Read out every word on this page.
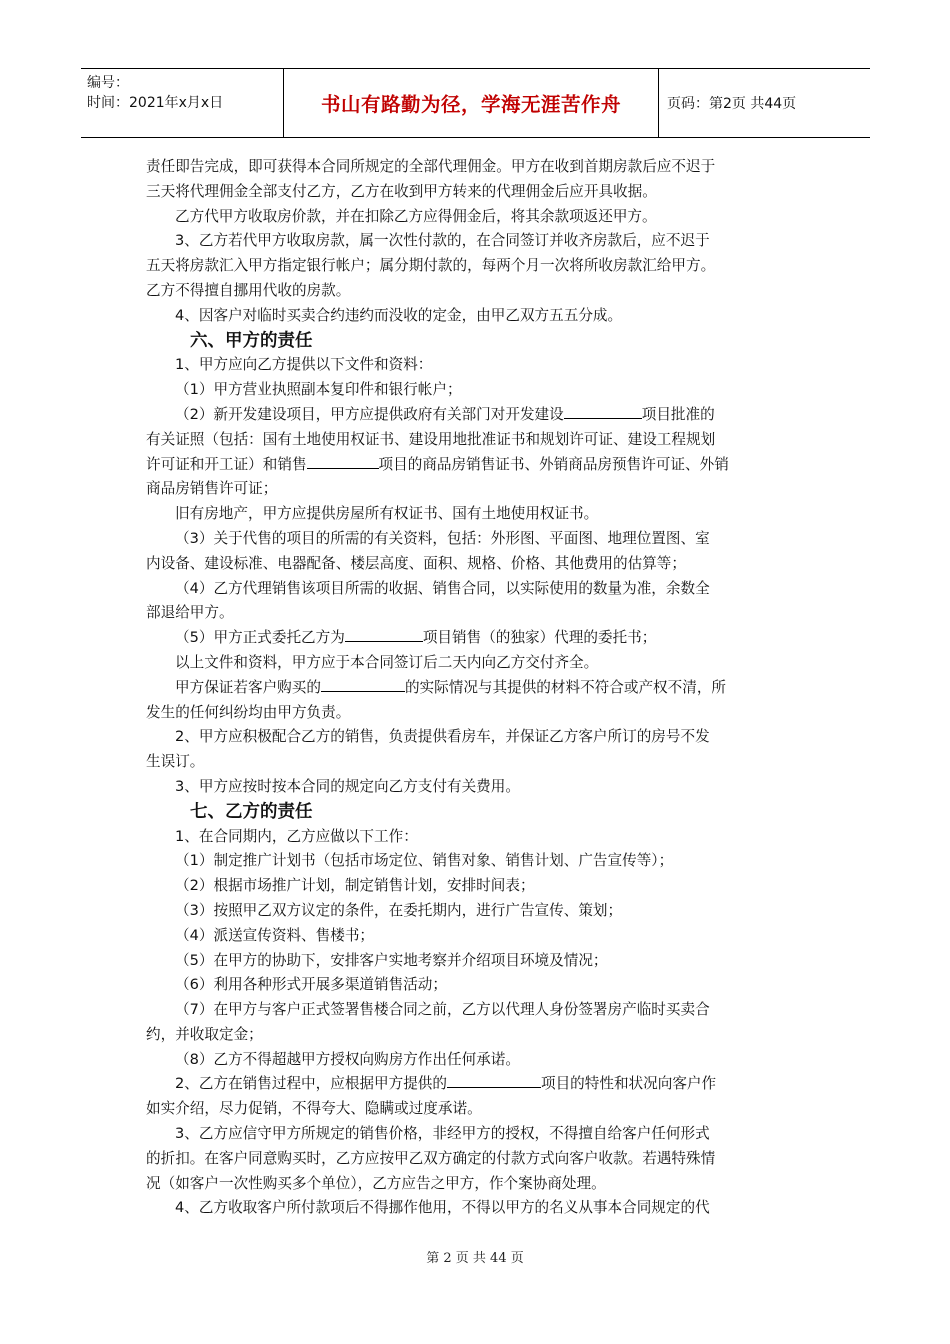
编号：
时间：2021年x月x日	书山有路勤为径，学海无涯苦作舟	页码：第2页 共44页

责任即告完成，即可获得本合同所规定的全部代理佣金。甲方在收到首期房款后应不迟于

三天将代理佣金全部支付乙方，乙方在收到甲方转来的代理佣金后应开具收据。

乙方代甲方收取房价款，并在扣除乙方应得佣金后，将其余款项返还甲方。

3、乙方若代甲方收取房款，属一次性付款的，在合同签订并收齐房款后，应不迟于

五天将房款汇入甲方指定银行帐户；属分期付款的，每两个月一次将所收房款汇给甲方。

乙方不得擅自挪用代收的房款。

4、因客户对临时买卖合约违约而没收的定金，由甲乙双方五五分成。

六、甲方的责任

1、甲方应向乙方提供以下文件和资料：

（1）甲方营业执照副本复印件和银行帐户；

（2）新开发建设项目，甲方应提供政府有关部门对开发建设	项目批准的

有关证照（包括：国有土地使用权证书、建设用地批准证书和规划许可证、建设工程规划

许可证和开工证）和销售	项目的商品房销售证书、外销商品房预售许可证、外销

商品房销售许可证；

旧有房地产，甲方应提供房屋所有权证书、国有土地使用权证书。

（3）关于代售的项目的所需的有关资料，包括：外形图、平面图、地理位置图、室

内设备、建设标准、电器配备、楼层高度、面积、规格、价格、其他费用的估算等；

（4）乙方代理销售该项目所需的收据、销售合同，以实际使用的数量为准，余数全

部退给甲方。

（5）甲方正式委托乙方为	项目销售（的独家）代理的委托书；

以上文件和资料，甲方应于本合同签订后二天内向乙方交付齐全。

甲方保证若客户购买的	的实际情况与其提供的材料不符合或产权不清，所

发生的任何纠纷均由甲方负责。

2、甲方应积极配合乙方的销售，负责提供看房车，并保证乙方客户所订的房号不发

生误订。

3、甲方应按时按本合同的规定向乙方支付有关费用。

七、乙方的责任

1、在合同期内，乙方应做以下工作：

（1）制定推广计划书（包括市场定位、销售对象、销售计划、广告宣传等）；

（2）根据市场推广计划，制定销售计划，安排时间表；

（3）按照甲乙双方议定的条件，在委托期内，进行广告宣传、策划；

（4）派送宣传资料、售楼书；

（5）在甲方的协助下，安排客户实地考察并介绍项目环境及情况；

（6）利用各种形式开展多渠道销售活动；

（7）在甲方与客户正式签署售楼合同之前，乙方以代理人身份签署房产临时买卖合

约，并收取定金；

（8）乙方不得超越甲方授权向购房方作出任何承诺。

2、乙方在销售过程中，应根据甲方提供的	项目的特性和状况向客户作

如实介绍，尽力促销，不得夸大、隐瞒或过度承诺。

3、乙方应信守甲方所规定的销售价格，非经甲方的授权，不得擅自给客户任何形式

的折扣。在客户同意购买时，乙方应按甲乙双方确定的付款方式向客户收款。若遇特殊情

况（如客户一次性购买多个单位），乙方应告之甲方，作个案协商处理。

4、乙方收取客户所付款项后不得挪作他用，不得以甲方的名义从事本合同规定的代

第 2 页 共 44 页
